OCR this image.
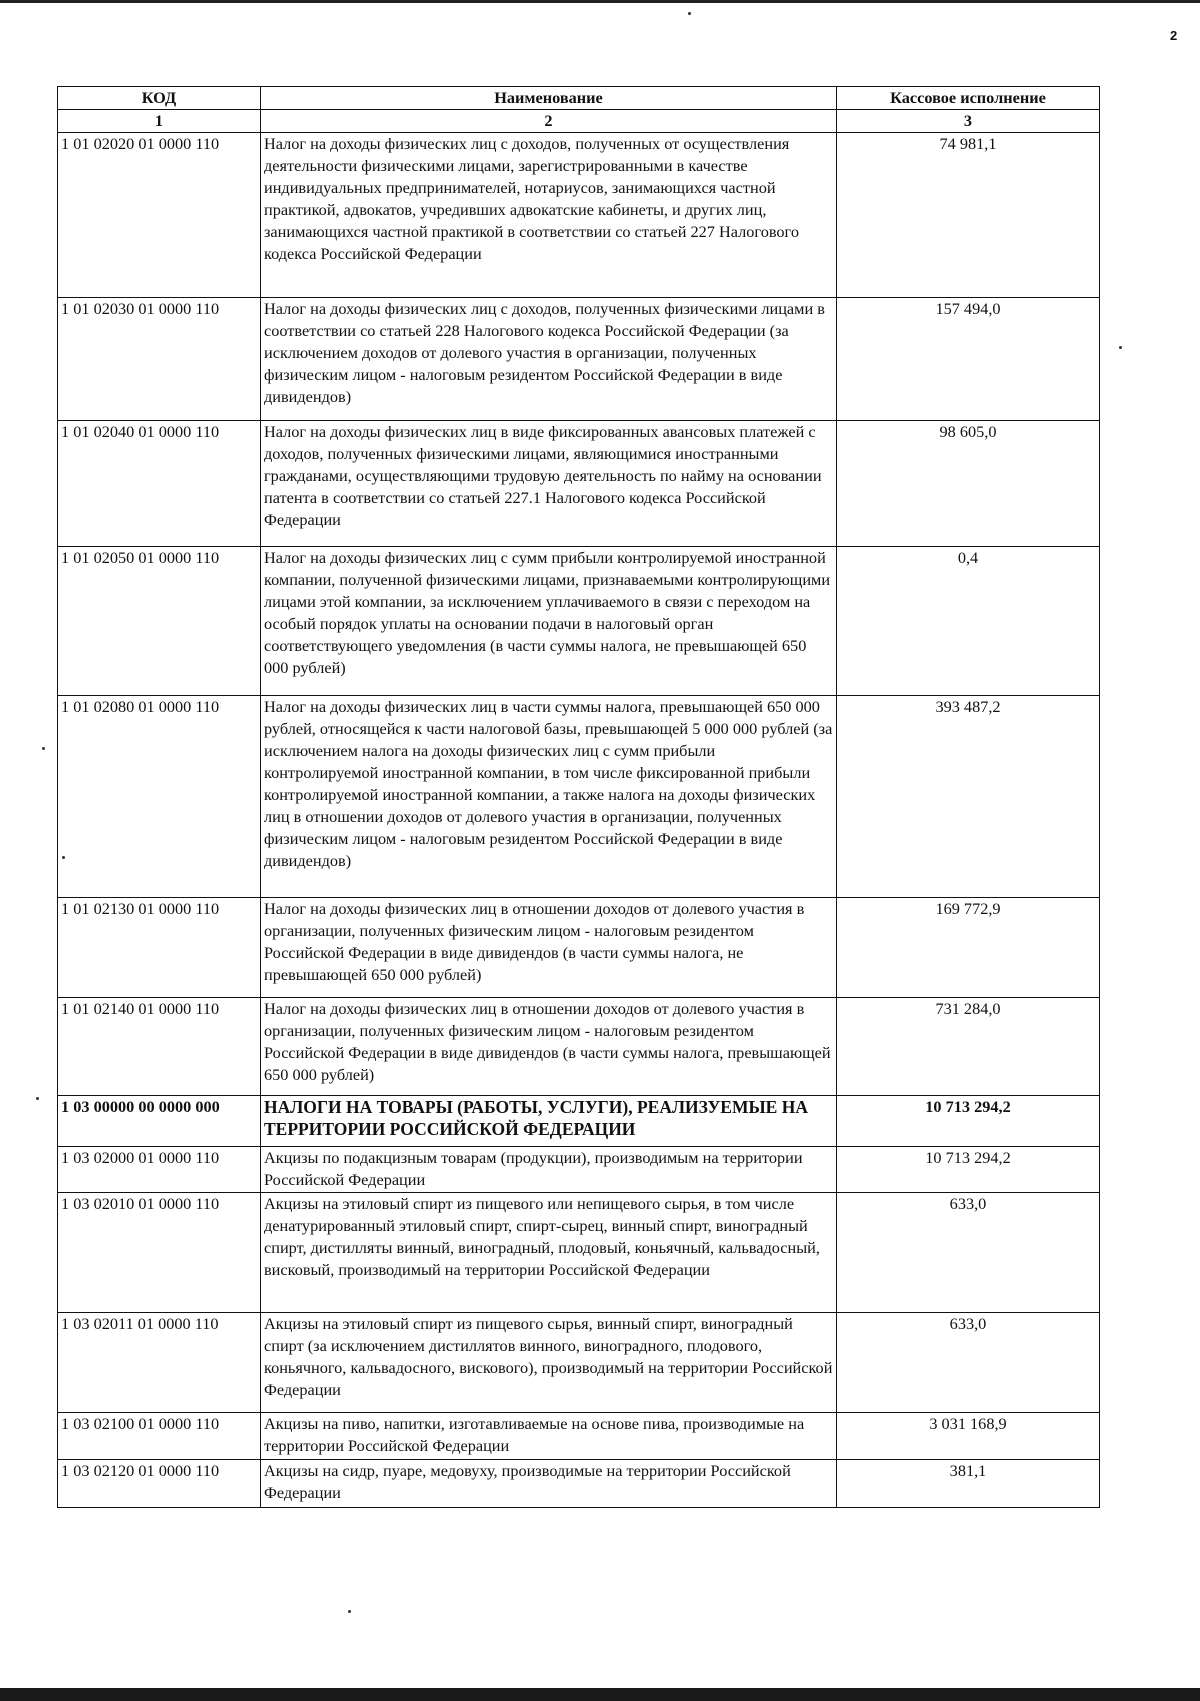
2
КОД	Наименование	Кассовое исполнение
1	2	3
1 01 02020 01 0000 110	Налог на доходы физических лиц с доходов, полученных от осуществления деятельности физическими лицами, зарегистрированными в качестве индивидуальных предпринимателей, нотариусов, занимающихся частной практикой, адвокатов, учредивших адвокатские кабинеты, и других лиц, занимающихся частной практикой в соответствии со статьей 227 Налогового кодекса Российской Федерации	74 981,1
1 01 02030 01 0000 110	Налог на доходы физических лиц с доходов, полученных физическими лицами в соответствии со статьей 228 Налогового кодекса Российской Федерации (за исключением доходов от долевого участия в организации, полученных физическим лицом - налоговым резидентом Российской Федерации в виде дивидендов)	157 494,0
1 01 02040 01 0000 110	Налог на доходы физических лиц в виде фиксированных авансовых платежей с доходов, полученных физическими лицами, являющимися иностранными гражданами, осуществляющими трудовую деятельность по найму на основании патента в соответствии со статьей 227.1 Налогового кодекса Российской Федерации	98 605,0
1 01 02050 01 0000 110	Налог на доходы физических лиц с сумм прибыли контролируемой иностранной компании, полученной физическими лицами, признаваемыми контролирующими лицами этой компании, за исключением уплачиваемого в связи с переходом на особый порядок уплаты на основании подачи в налоговый орган соответствующего уведомления (в части суммы налога, не превышающей 650 000 рублей)	0,4
1 01 02080 01 0000 110	Налог на доходы физических лиц в части суммы налога, превышающей 650 000 рублей, относящейся к части налоговой базы, превышающей 5 000 000 рублей (за исключением налога на доходы физических лиц с сумм прибыли контролируемой иностранной компании, в том числе фиксированной прибыли контролируемой иностранной компании, а также налога на доходы физических лиц в отношении доходов от долевого участия в организации, полученных физическим лицом - налоговым резидентом Российской Федерации в виде дивидендов)	393 487,2
1 01 02130 01 0000 110	Налог на доходы физических лиц в отношении доходов от долевого участия в организации, полученных физическим лицом - налоговым резидентом Российской Федерации в виде дивидендов (в части суммы налога, не превышающей 650 000 рублей)	169 772,9
1 01 02140 01 0000 110	Налог на доходы физических лиц в отношении доходов от долевого участия в организации, полученных физическим лицом - налоговым резидентом Российской Федерации в виде дивидендов (в части суммы налога, превышающей 650 000 рублей)	731 284,0
1 03 00000 00 0000 000	НАЛОГИ НА ТОВАРЫ (РАБОТЫ, УСЛУГИ), РЕАЛИЗУЕМЫЕ НА ТЕРРИТОРИИ РОССИЙСКОЙ ФЕДЕРАЦИИ	10 713 294,2
1 03 02000 01 0000 110	Акцизы по подакцизным товарам (продукции), производимым на территории Российской Федерации	10 713 294,2
1 03 02010 01 0000 110	Акцизы на этиловый спирт из пищевого или непищевого сырья, в том числе денатурированный этиловый спирт, спирт-сырец, винный спирт, виноградный спирт, дистилляты винный, виноградный, плодовый, коньячный, кальвадосный, висковый, производимый на территории Российской Федерации	633,0
1 03 02011 01 0000 110	Акцизы на этиловый спирт из пищевого сырья, винный спирт, виноградный спирт (за исключением дистиллятов винного, виноградного, плодового, коньячного, кальвадосного, вискового), производимый на территории Российской Федерации	633,0
1 03 02100 01 0000 110	Акцизы на пиво, напитки, изготавливаемые на основе пива, производимые на территории Российской Федерации	3 031 168,9
1 03 02120 01 0000 110	Акцизы на сидр, пуаре, медовуху, производимые на территории Российской Федерации	381,1
